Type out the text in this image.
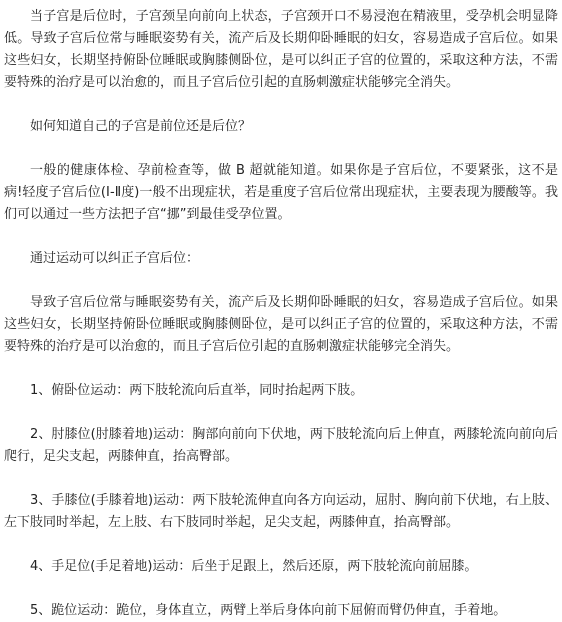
当子宫是后位时，子宫颈呈向前向上状态，子宫颈开口不易浸泡在精液里，受孕机会明显降低。导致子宫后位常与睡眠姿势有关，流产后及长期仰卧睡眠的妇女，容易造成子宫后位。如果这些妇女，长期坚持俯卧位睡眠或胸膝侧卧位，是可以纠正子宫的位置的，采取这种方法，不需要特殊的治疗是可以治愈的，而且子宫后位引起的直肠刺激症状能够完全消失。

如何知道自己的子宫是前位还是后位？

一般的健康体检、孕前检查等，做 B 超就能知道。如果你是子宫后位，不要紧张，这不是病!轻度子宫后位(Ⅰ-Ⅱ度)一般不出现症状，若是重度子宫后位常出现症状，主要表现为腰酸等。我们可以通过一些方法把子宫“挪”到最佳受孕位置。

通过运动可以纠正子宫后位：

导致子宫后位常与睡眠姿势有关，流产后及长期仰卧睡眠的妇女，容易造成子宫后位。如果这些妇女，长期坚持俯卧位睡眠或胸膝侧卧位，是可以纠正子宫的位置的，采取这种方法，不需要特殊的治疗是可以治愈的，而且子宫后位引起的直肠刺激症状能够完全消失。

1、俯卧位运动：两下肢轮流向后直举，同时抬起两下肢。

2、肘膝位(肘膝着地)运动：胸部向前向下伏地，两下肢轮流向后上伸直，两膝轮流向前向后爬行，足尖支起，两膝伸直，抬高臀部。

3、手膝位(手膝着地)运动：两下肢轮流伸直向各方向运动，屈肘、胸向前下伏地，右上肢、左下肢同时举起，左上肢、右下肢同时举起，足尖支起，两膝伸直，抬高臀部。

4、手足位(手足着地)运动：后坐于足跟上，然后还原，两下肢轮流向前屈膝。

5、跪位运动：跪位，身体直立，两臂上举后身体向前下屈俯而臂仍伸直，手着地。
